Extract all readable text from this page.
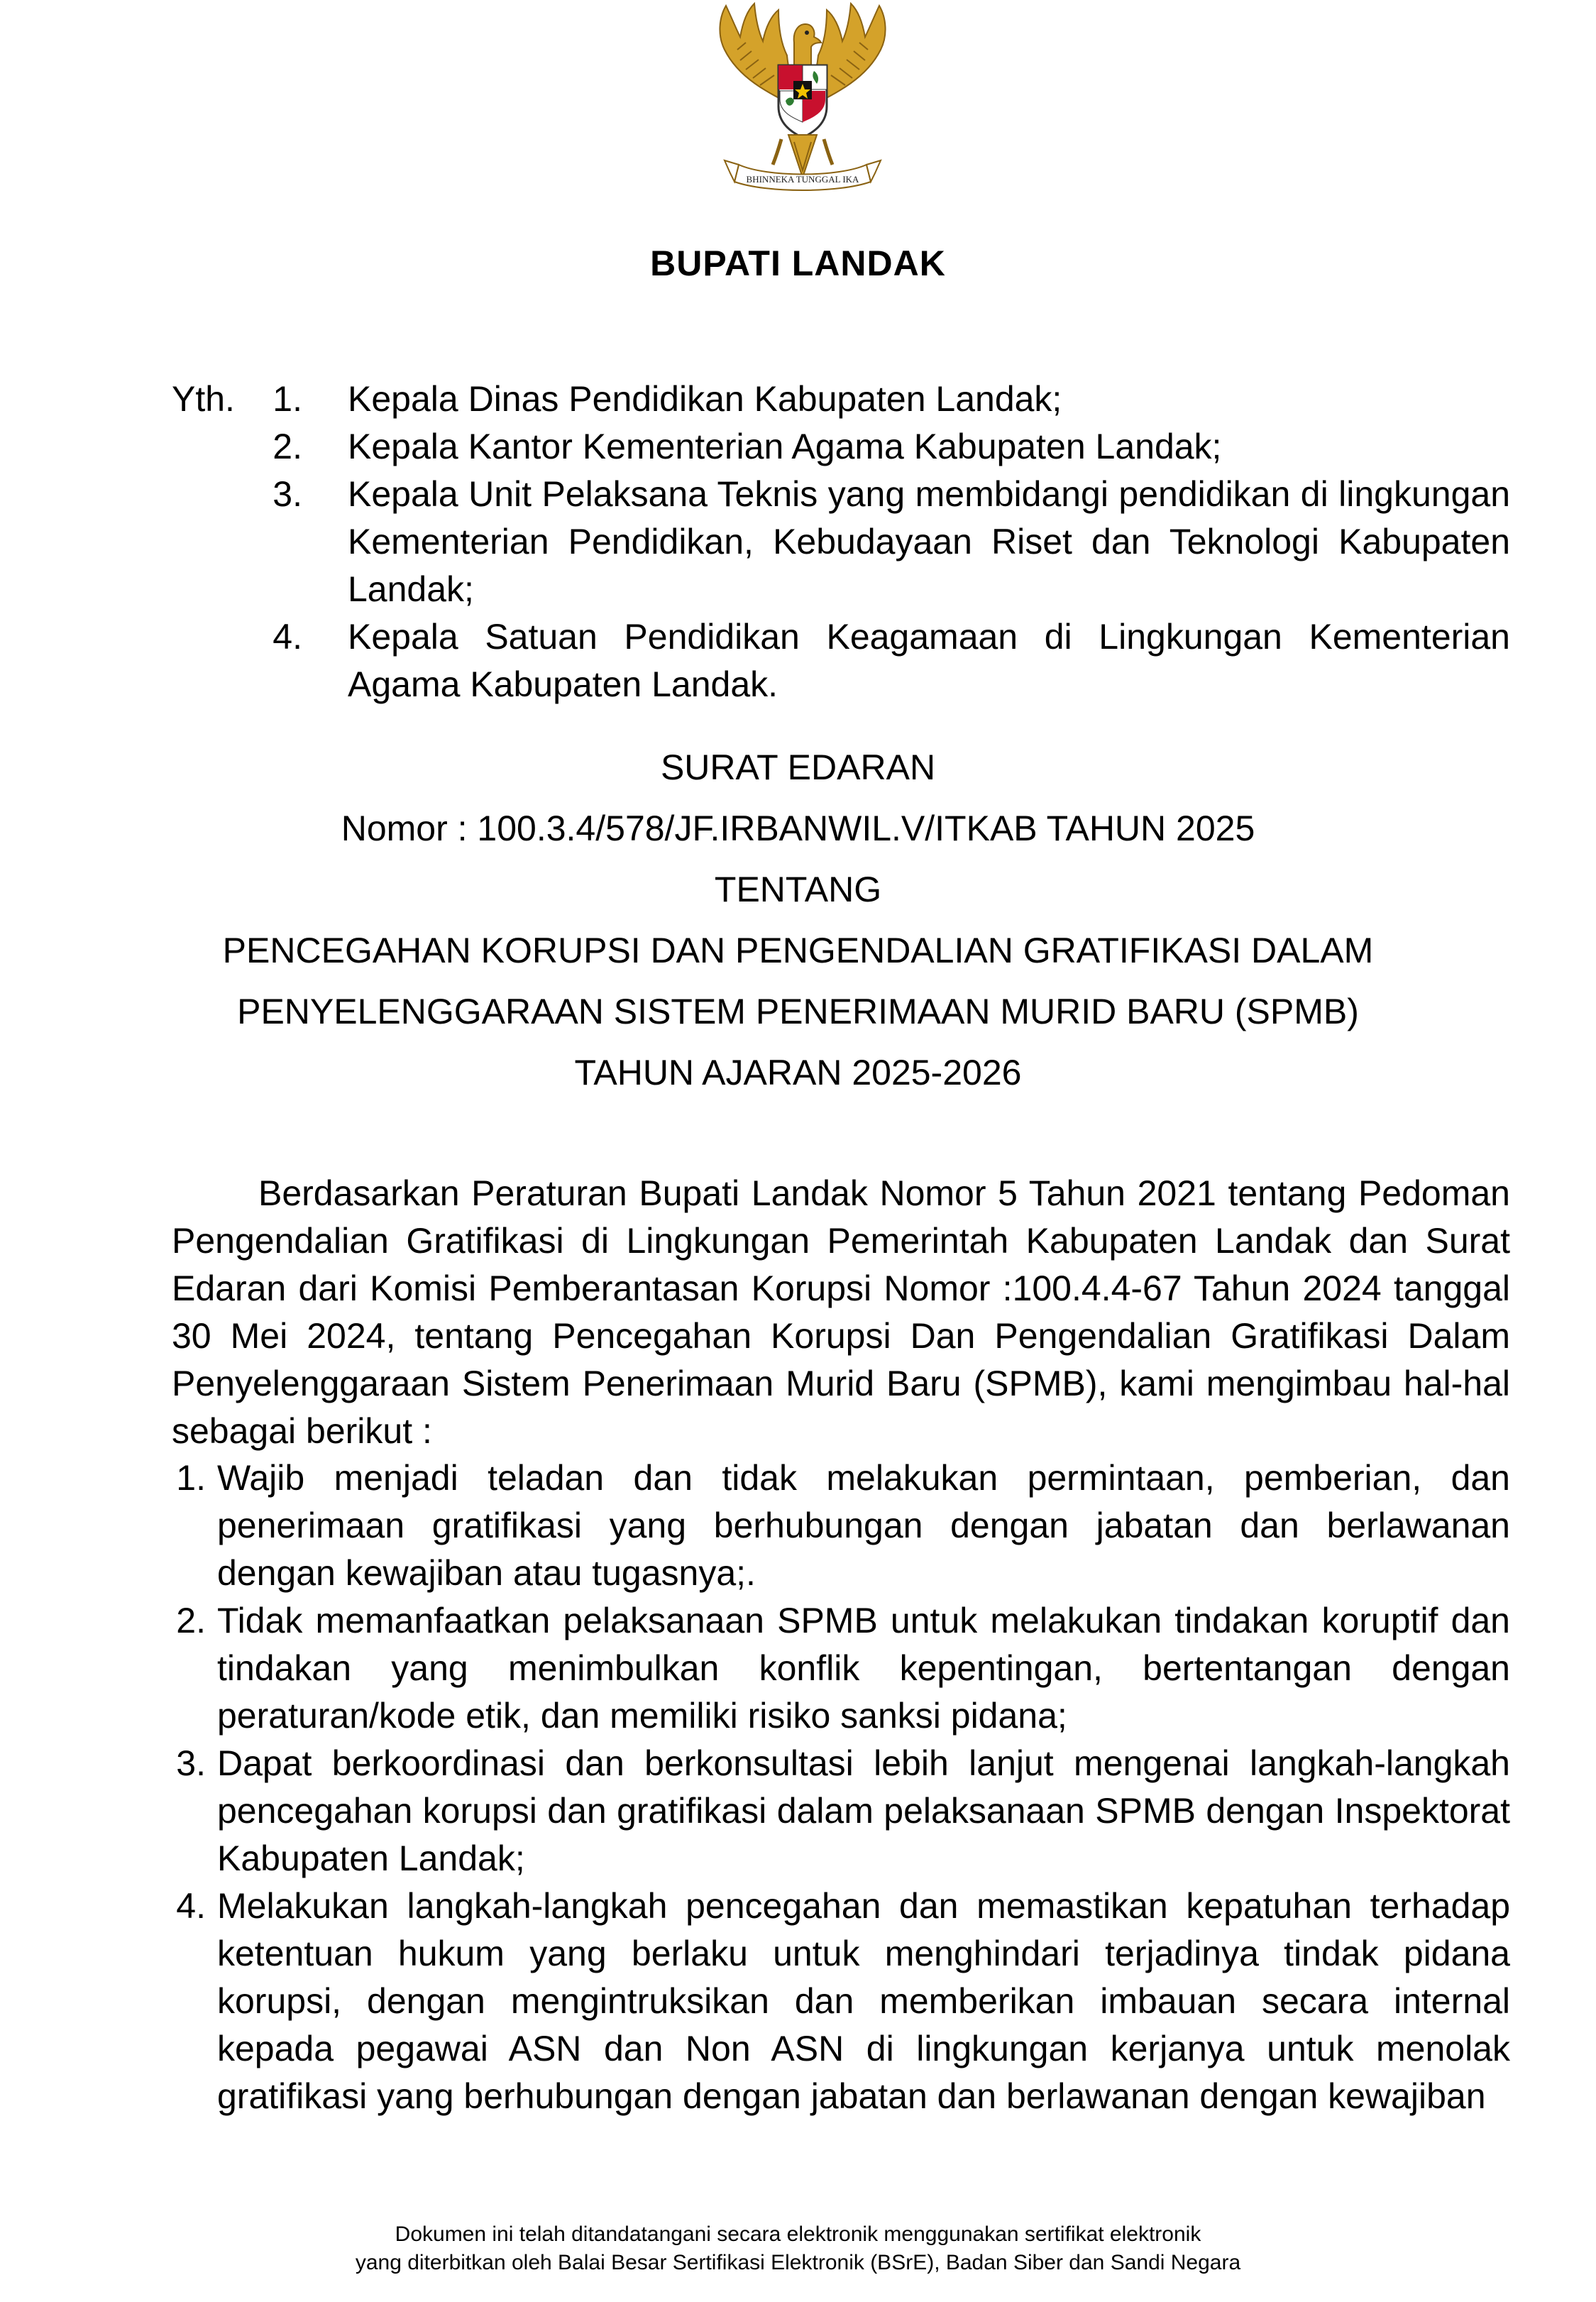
BHINNEKA TUNGGAL IKA
BUPATI LANDAK
Yth. 1. Kepala Dinas Pendidikan Kabupaten Landak;
2. Kepala Kantor Kementerian Agama Kabupaten Landak;
3. Kepala Unit Pelaksana Teknis yang membidangi pendidikan di lingkungan Kementerian Pendidikan, Kebudayaan Riset dan Teknologi Kabupaten Landak;
4. Kepala Satuan Pendidikan Keagamaan di Lingkungan Kementerian Agama Kabupaten Landak.
SURAT EDARAN
Nomor : 100.3.4/578/JF.IRBANWIL.V/ITKAB TAHUN 2025
TENTANG
PENCEGAHAN KORUPSI DAN PENGENDALIAN GRATIFIKASI DALAM
PENYELENGGARAAN SISTEM PENERIMAAN MURID BARU (SPMB)
TAHUN AJARAN 2025-2026
Berdasarkan Peraturan Bupati Landak Nomor 5 Tahun 2021 tentang Pedoman Pengendalian Gratifikasi di Lingkungan Pemerintah Kabupaten Landak dan Surat Edaran dari Komisi Pemberantasan Korupsi Nomor :100.4.4-67 Tahun 2024 tanggal 30 Mei 2024, tentang Pencegahan Korupsi Dan Pengendalian Gratifikasi Dalam Penyelenggaraan Sistem Penerimaan Murid Baru (SPMB), kami mengimbau hal-hal sebagai berikut :
1. Wajib menjadi teladan dan tidak melakukan permintaan, pemberian, dan penerimaan gratifikasi yang berhubungan dengan jabatan dan berlawanan dengan kewajiban atau tugasnya;.
2. Tidak memanfaatkan pelaksanaan SPMB untuk melakukan tindakan koruptif dan tindakan yang menimbulkan konflik kepentingan, bertentangan dengan peraturan/kode etik, dan memiliki risiko sanksi pidana;
3. Dapat berkoordinasi dan berkonsultasi lebih lanjut mengenai langkah-langkah pencegahan korupsi dan gratifikasi dalam pelaksanaan SPMB dengan Inspektorat Kabupaten Landak;
4. Melakukan langkah-langkah pencegahan dan memastikan kepatuhan terhadap ketentuan hukum yang berlaku untuk menghindari terjadinya tindak pidana korupsi, dengan mengintruksikan dan memberikan imbauan secara internal kepada pegawai ASN dan Non ASN di lingkungan kerjanya untuk menolak gratifikasi yang berhubungan dengan jabatan dan berlawanan dengan kewajiban
Dokumen ini telah ditandatangani secara elektronik menggunakan sertifikat elektronik
yang diterbitkan oleh Balai Besar Sertifikasi Elektronik (BSrE), Badan Siber dan Sandi Negara
